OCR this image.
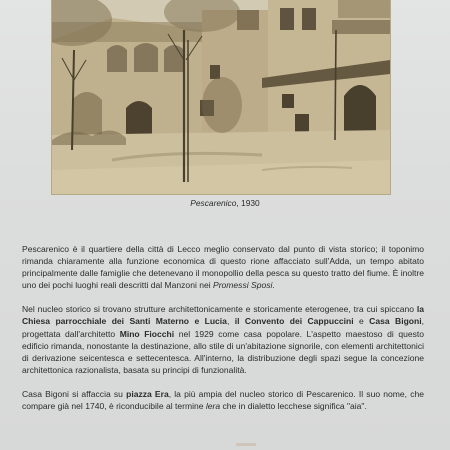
Pescarenico, 1930

Pescarenico è il quartiere della città di Lecco meglio conservato dal punto di vista storico; il toponimo rimanda chiaramente alla funzione economica di questo rione affacciato sull'Adda, un tempo abitato principalmente dalle famiglie che detenevano il monopollio della pesca su questo tratto del fiume. È inoltre uno dei pochi luoghi reali descritti dal Manzoni nei Promessi Sposi.

Nel nucleo storico si trovano strutture architettonicamente e storicamente eterogenee, tra cui spiccano la Chiesa parrocchiale dei Santi Materno e Lucia, il Convento dei Cappuccini e Casa Bigoni, progettata dall'architetto Mino Fiocchi nel 1929 come casa popolare. L'aspetto maestoso di questo edificio rimanda, nonostante la destinazione, allo stile di un'abitazione signorile, con elementi architettonici di derivazione seicentesca e settecentesca. All'interno, la distribuzione degli spazi segue la concezione architettonica razionalista, basata su principi di funzionalità.

Casa Bigoni si affaccia su piazza Era, la più ampia del nucleo storico di Pescarenico. Il suo nome, che compare già nel 1740, è riconducibile al termine lera che in dialetto lecchese significa "aia".
